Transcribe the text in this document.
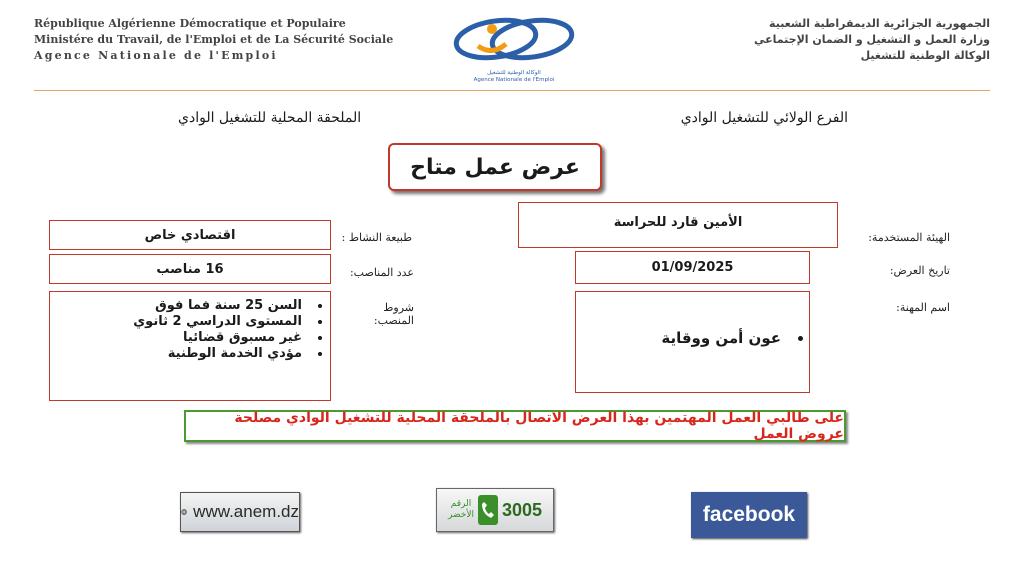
République Algérienne Démocratique et Populaire
Ministére du Travail, de l'Emploi et de La Sécurité Sociale
Agence Nationale de l'Emploi
الوكالة الوطنية للتشغيل
Agence Nationale de l'Emploi
الجمهورية الجزائرية الديمقراطية الشعبية
وزارة العمل و التشغيل و الضمان الإجتماعي
الوكالة الوطنية للتشغيل
الفرع الولائي للتشغيل الوادي
الملحقة المحلية للتشغيل الوادي
عرض عمل متاح
الهيئة المستخدمة:
تاريخ العرض:
اسم المهنة:
الأمين قارد للحراسة
01/09/2025
• عون أمن ووقاية
طبيعة النشاط :
عدد المناصب:
شروط المنصب:
اقتصادي خاص
16 مناصب
• السن 25 سنة فما فوق
• المستوى الدراسي 2 ثانوي
• غير مسبوق قضائيا
• مؤدي الخدمة الوطنية
على طالبي العمل المهتمين بهذا العرض الاتصال بالملحقة المحلية للتشغيل الوادي مصلحة عروض العمل
www.anem.dz	الرقم
الأخضر 3005	facebook
